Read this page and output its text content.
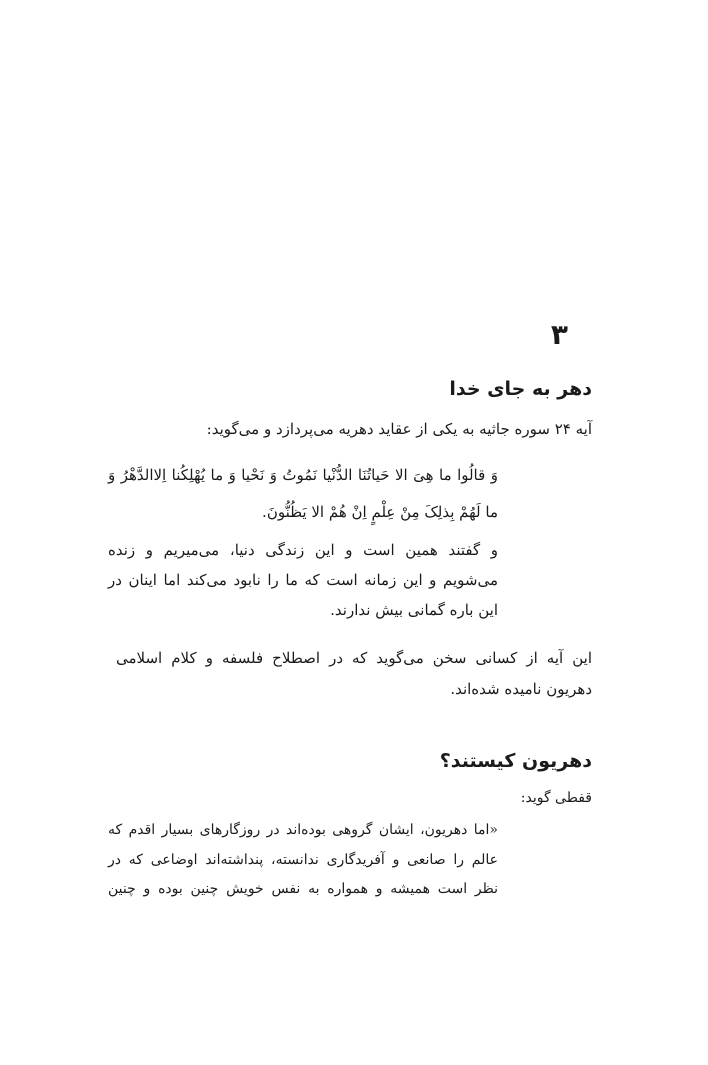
۳
دهر به جای خدا
آیه ۲۴ سوره جاثیه به یکی از عقاید دهریه می‌پردازد و می‌گوید:
وَ قالُوا ما هِیَ الا حَیاتُنَا الدُّنْیا نَمُوتُ وَ نَحْیا وَ ما یُهْلِکُنا اِلاالدَّهْرُ وَ
ما لَهُمْ بِذلِکَ مِنْ عِلْمٍ اِنْ هُمْ الا یَظُنُّونَ.
و گفتند همین است و این زندگی دنیا، می‌میریم و زنده
می‌شویم و این زمانه است که ما را نابود می‌کند اما اینان در
این باره گمانی بیش ندارند.
این آیه از کسانی سخن می‌گوید که در اصطلاح فلسفه و کلام اسلامی
دهریون نامیده شده‌اند.
دهریون کیستند؟
قفطی گوید:
«اما دهریون، ایشان گروهی بوده‌اند در روزگارهای بسیار اقدم که
عالم را صانعی و آفریدگاری ندانسته، پنداشته‌اند اوضاعی که در
نظر است همیشه و همواره به نفس خویش چنین بوده و چنین
